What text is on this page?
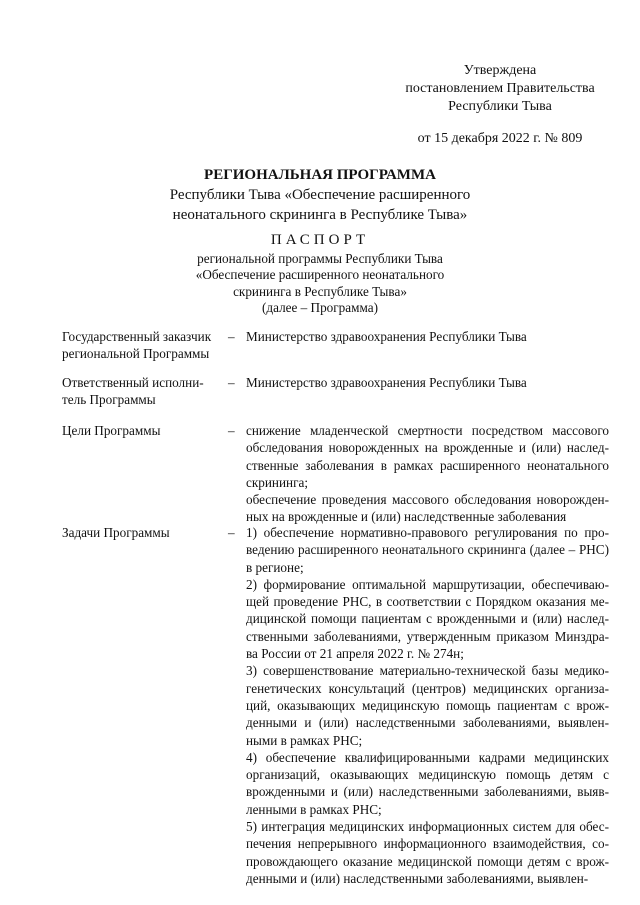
Утверждена
постановлением Правительства
Республики Тыва
от 15 декабря 2022 г. № 809
РЕГИОНАЛЬНАЯ ПРОГРАММА
Республики Тыва «Обеспечение расширенного
неонатального скрининга в Республике Тыва»
ПАСПОРТ
региональной программы Республики Тыва
«Обеспечение расширенного неонатального
скрининга в Республике Тыва»
(далее – Программа)
Государственный заказчик региональной Программы
– Министерство здравоохранения Республики Тыва

Ответственный исполни-тель Программы
– Министерство здравоохранения Республики Тыва

Цели Программы	– снижение младенческой смертности посредством массового обследования новорожденных на врожденные и (или) наслед-ственные заболевания в рамках расширенного неонатального скрининга;

обеспечение проведения массового обследования новорожден-ных на врожденные и (или) наследственные заболевания

Задачи Программы	– 1) обеспечение нормативно-правового регулирования по про-ведению расширенного неонатального скрининга (далее – РНС) в регионе;

2) формирование оптимальной маршрутизации, обеспечиваю-щей проведение РНС, в соответствии с Порядком оказания ме-дицинской помощи пациентам с врожденными и (или) наслед-ственными заболеваниями, утвержденным приказом Минздра-ва России от 21 апреля 2022 г. № 274н;

3) совершенствование материально-технической базы медико-генетических консультаций (центров) медицинских организа-ций, оказывающих медицинскую помощь пациентам с врож-денными и (или) наследственными заболеваниями, выявлен-ными в рамках РНС;

4) обеспечение квалифицированными кадрами медицинских организаций, оказывающих медицинскую помощь детям с врожденными и (или) наследственными заболеваниями, выяв-ленными в рамках РНС;

5) интеграция медицинских информационных систем для обес-печения непрерывного информационного взаимодействия, со-провождающего оказание медицинской помощи детям с врож-денными и (или) наследственными заболеваниями, выявлен-
